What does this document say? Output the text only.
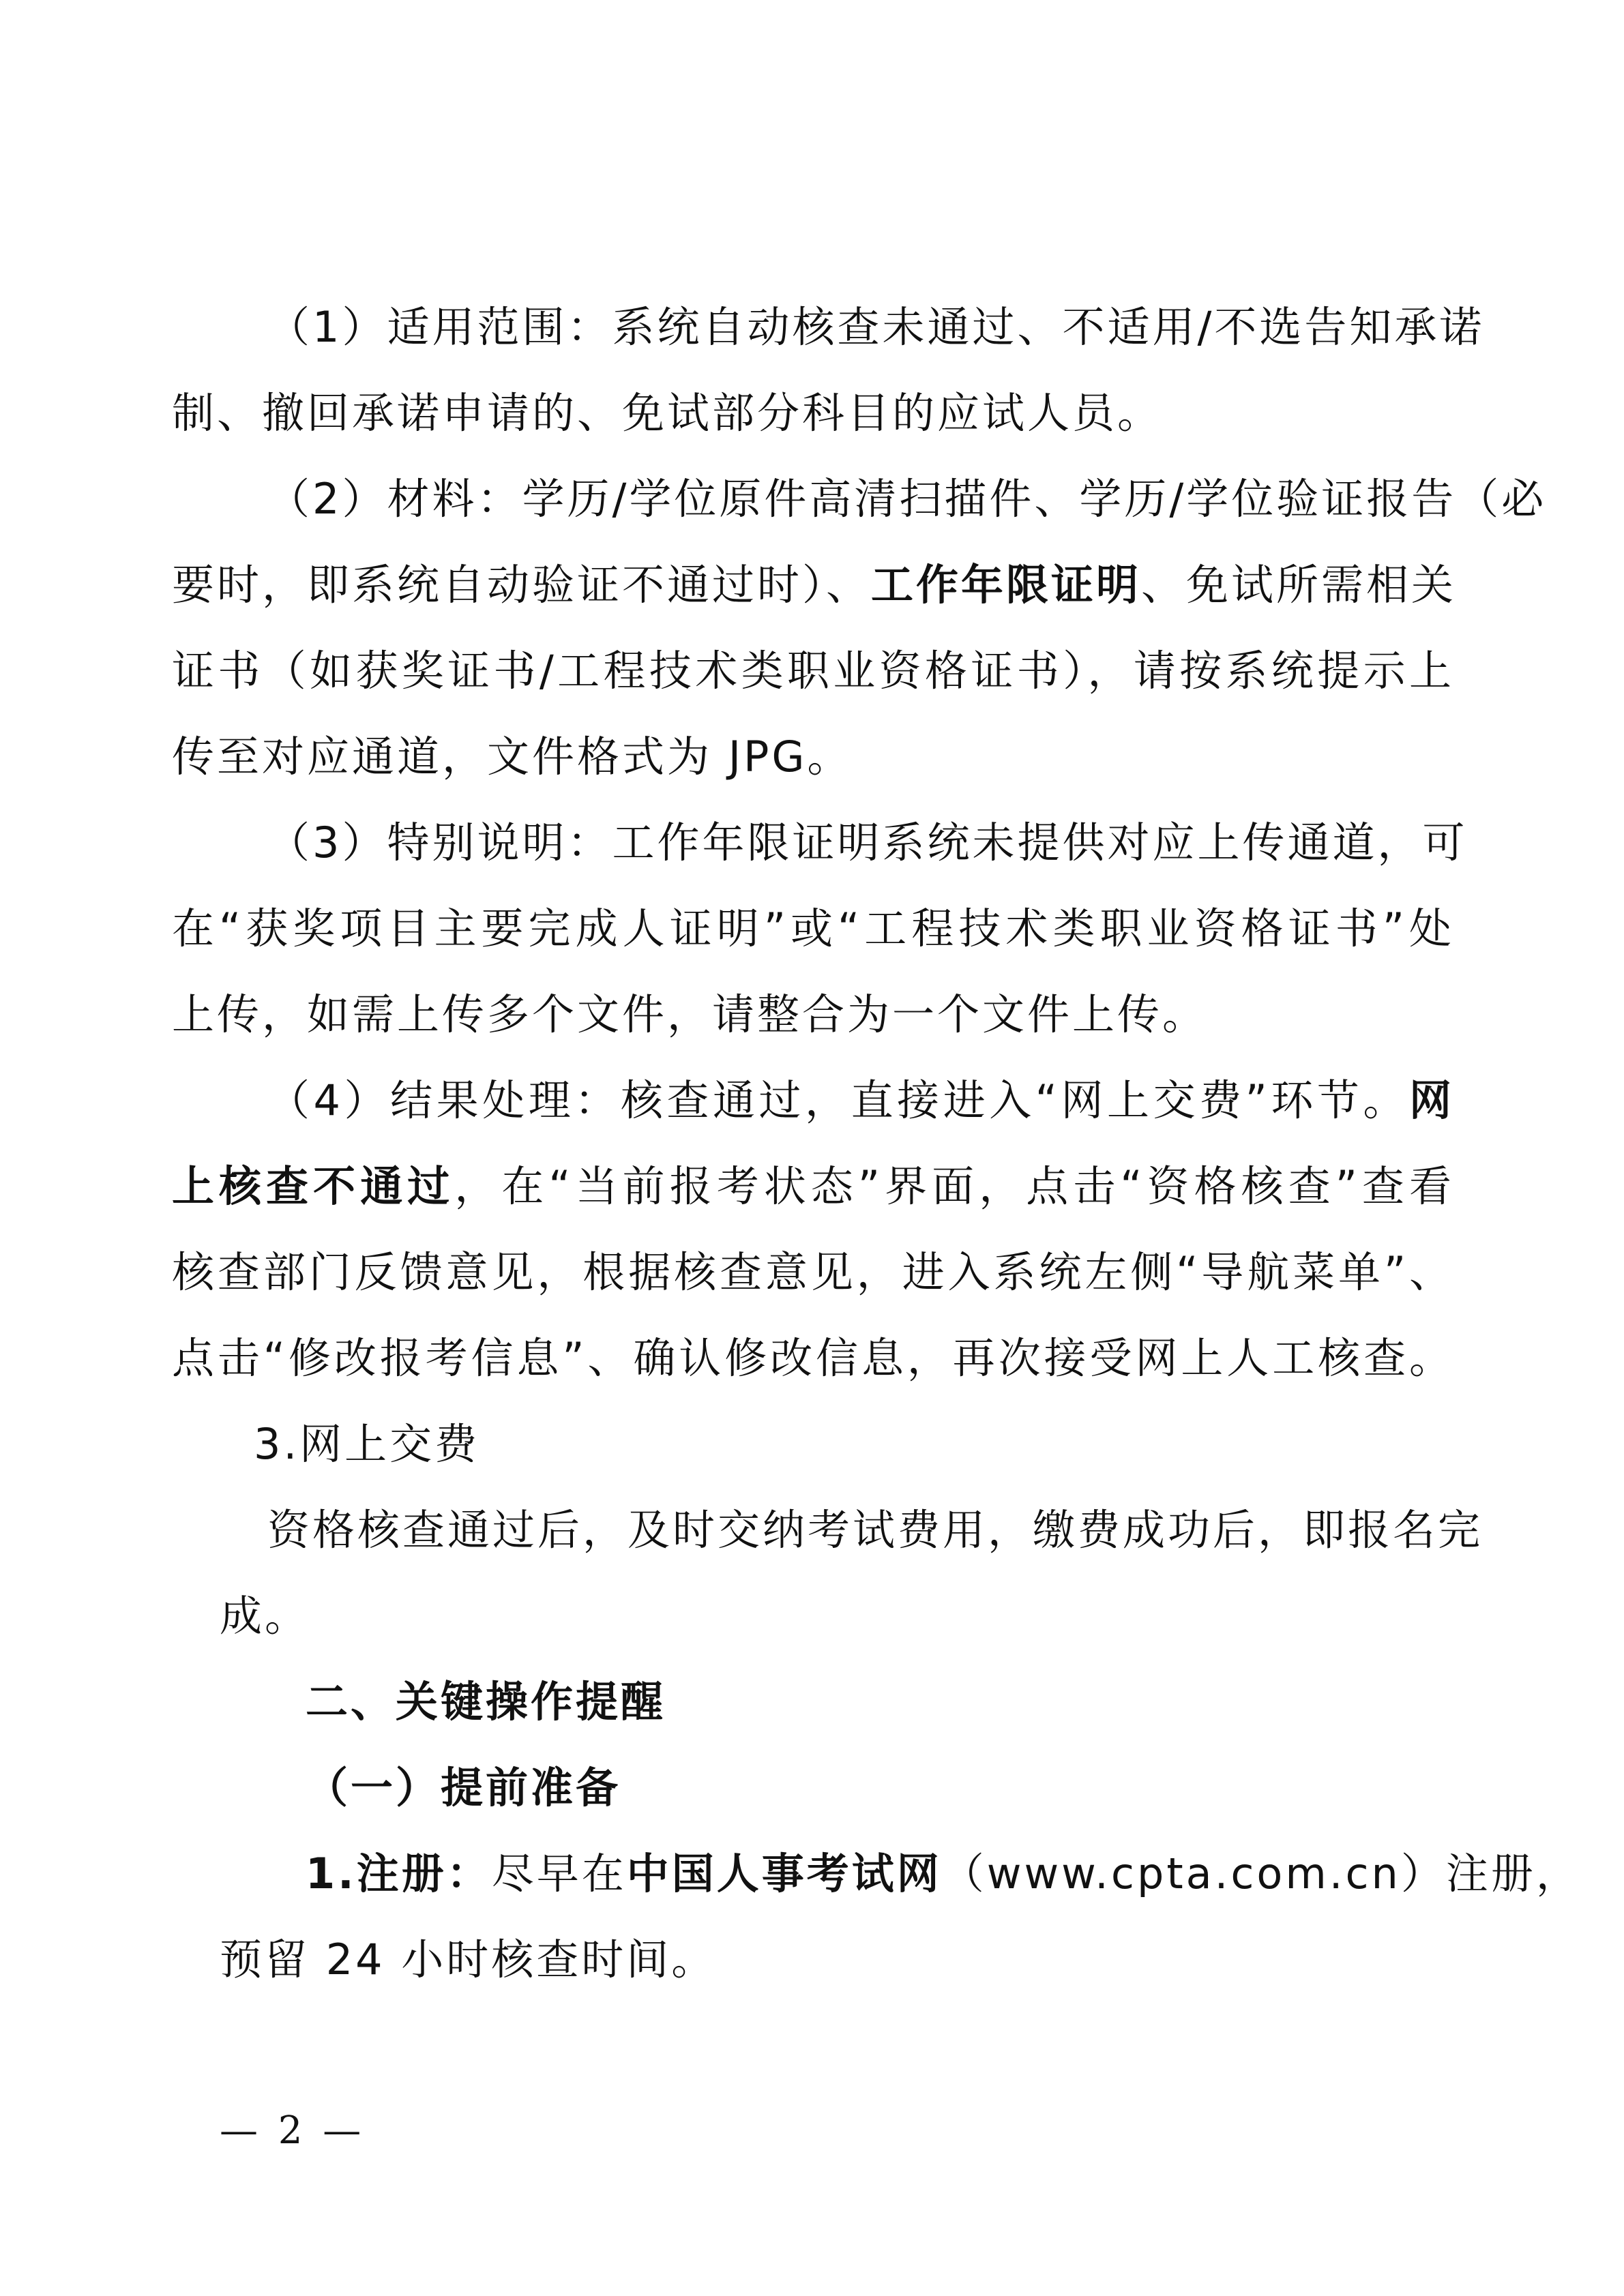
（1）适用范围：系统自动核查未通过、不适用/不选告知承诺
制、撤回承诺申请的、免试部分科目的应试人员。
（2）材料：学历/学位原件高清扫描件、学历/学位验证报告（必
要时，即系统自动验证不通过时）、工作年限证明、免试所需相关
证书（如获奖证书/工程技术类职业资格证书），请按系统提示上
传至对应通道，文件格式为 JPG。
（3）特别说明：工作年限证明系统未提供对应上传通道，可
在“获奖项目主要完成人证明”或“工程技术类职业资格证书”处
上传，如需上传多个文件，请整合为一个文件上传。
（4）结果处理：核查通过，直接进入“网上交费”环节。网
上核查不通过，在“当前报考状态”界面，点击“资格核查”查看
核查部门反馈意见，根据核查意见，进入系统左侧“导航菜单”、
点击“修改报考信息”、确认修改信息，再次接受网上人工核查。
3.网上交费
资格核查通过后，及时交纳考试费用，缴费成功后，即报名完
成。
二、关键操作提醒
（一）提前准备
1.注册：尽早在中国人事考试网（www.cpta.com.cn）注册，
预留 24 小时核查时间。
— 2 —
